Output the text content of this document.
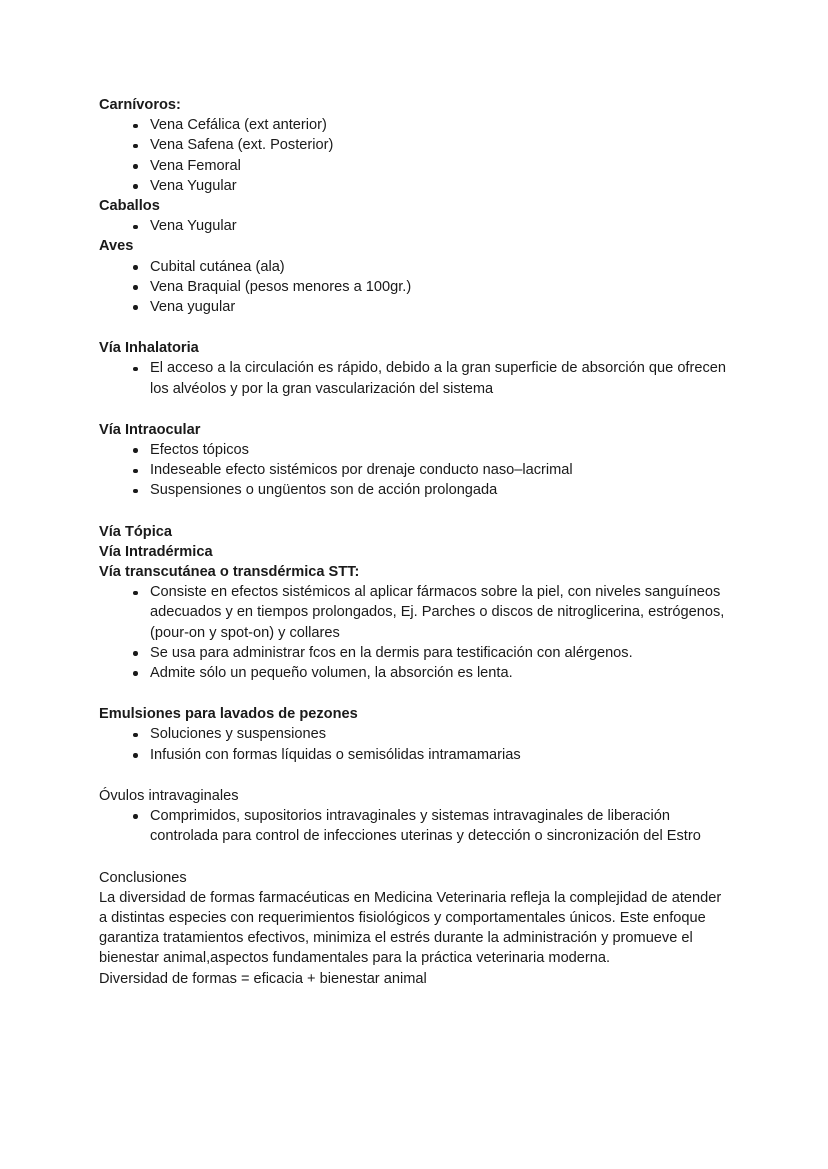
Carnívoros:
Vena Cefálica (ext anterior)
Vena Safena (ext. Posterior)
Vena Femoral
Vena Yugular
Caballos
Vena Yugular
Aves
Cubital cutánea (ala)
Vena Braquial (pesos menores a 100gr.)
Vena yugular
Vía Inhalatoria
El acceso a la circulación es rápido, debido a la gran superficie de absorción que ofrecen los alvéolos y por la gran vascularización del sistema
Vía Intraocular
Efectos tópicos
Indeseable efecto sistémicos por drenaje conducto naso–lacrimal
Suspensiones o ungüentos son de acción prolongada
Vía Tópica
Vía Intradérmica
Vía transcutánea o transdérmica STT:
Consiste en efectos sistémicos al aplicar fármacos sobre la piel, con niveles sanguíneos adecuados y en tiempos prolongados, Ej. Parches o discos de nitroglicerina, estrógenos, (pour-on y spot-on) y collares
Se usa para administrar fcos en la dermis para testificación con alérgenos.
Admite sólo un pequeño volumen, la absorción es lenta.
Emulsiones para lavados de pezones
Soluciones y suspensiones
Infusión con formas líquidas o semisólidas intramamarias
Óvulos intravaginales
Comprimidos, supositorios intravaginales y sistemas intravaginales de liberación controlada para control de infecciones uterinas y detección o sincronización del Estro
Conclusiones
La diversidad de formas farmacéuticas en Medicina Veterinaria refleja la complejidad de atender a distintas especies con requerimientos fisiológicos y comportamentales únicos. Este enfoque garantiza tratamientos efectivos, minimiza el estrés durante la administración y promueve el bienestar animal,aspectos fundamentales para la práctica veterinaria moderna.
Diversidad de formas = eficacia + bienestar animal
